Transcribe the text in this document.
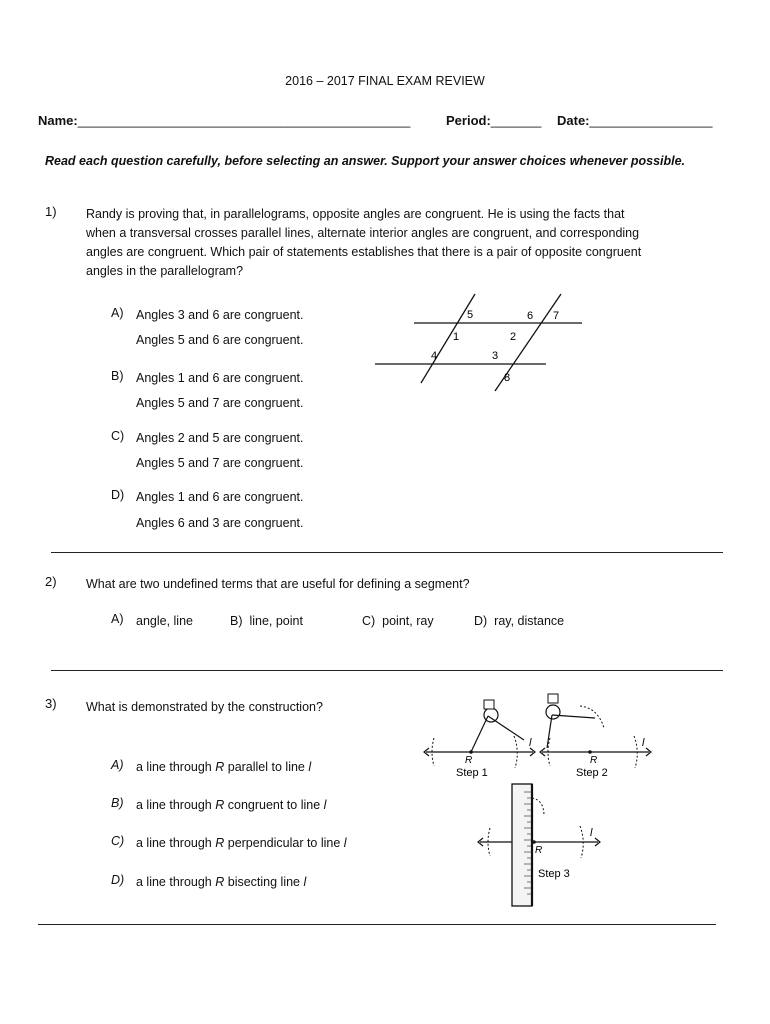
2016 – 2017 FINAL EXAM REVIEW
Name:______________________________________________	Period:_______ Date:_________________
Read each question carefully, before selecting an answer. Support your answer choices whenever possible.
1) Randy is proving that, in parallelograms, opposite angles are congruent. He is using the facts that
when a transversal crosses parallel lines, alternate interior angles are congruent, and corresponding
angles are congruent. Which pair of statements establishes that there is a pair of opposite congruent
angles in the parallelogram?
A) Angles 3 and 6 are congruent.
Angles 5 and 6 are congruent.
B) Angles 1 and 6 are congruent.
Angles 5 and 7 are congruent.
C) Angles 2 and 5 are congruent.
Angles 5 and 7 are congruent.
D) Angles 1 and 6 are congruent.
Angles 6 and 3 are congruent.
5	6 7
1	2
4	3
8
2) What are two undefined terms that are useful for defining a segment?
A) angle, line	B) line, point	C) point, ray	D) ray, distance
3) What is demonstrated by the construction?
A) a line through R parallel to line l
B) a line through R congruent to line l
C) a line through R perpendicular to line l
D) a line through R bisecting line l
l
R
Step 1
l
R
Step 2
R
l
Step 3
